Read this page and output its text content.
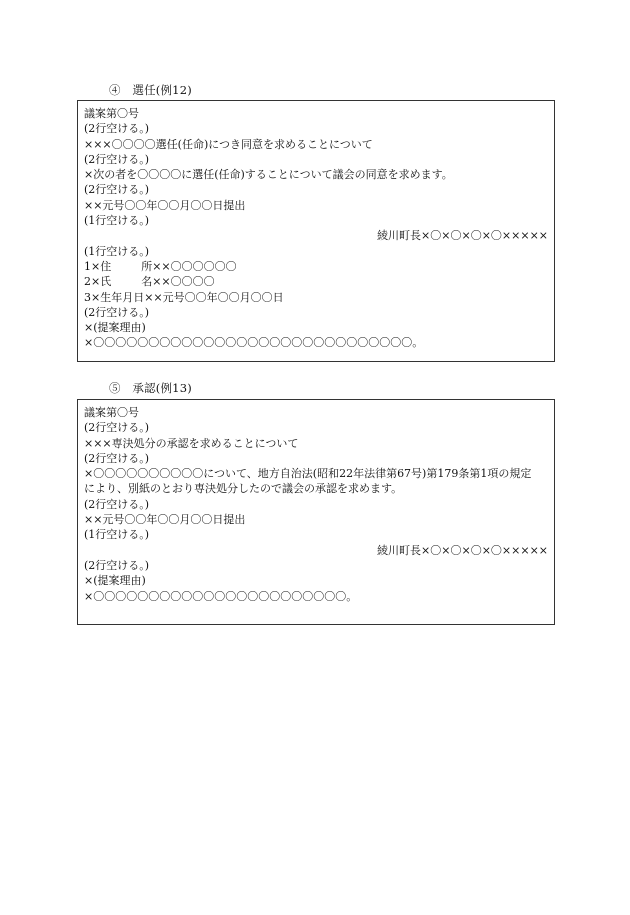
④　選任(例12)
議案第〇号
(2行空ける。)
×××〇〇〇〇選任(任命)につき同意を求めることについて
(2行空ける。)
×次の者を〇〇〇〇に選任(任命)することについて議会の同意を求めます。
(2行空ける。)
××元号〇〇年〇〇月〇〇日提出
(1行空ける。)
綾川町長×〇×〇×〇×〇×××××
(1行空ける。)
1×住	所××〇〇〇〇〇〇
2×氏	名××〇〇〇〇
3×生年月日××元号〇〇年〇〇月〇〇日
(2行空ける。)
×(提案理由)
×〇〇〇〇〇〇〇〇〇〇〇〇〇〇〇〇〇〇〇〇〇〇〇〇〇〇〇〇〇。
⑤　承認(例13)
議案第〇号
(2行空ける。)
×××専決処分の承認を求めることについて
(2行空ける。)
×〇〇〇〇〇〇〇〇〇〇について、地方自治法(昭和22年法律第67号)第179条第1項の規定
により、別紙のとおり専決処分したので議会の承認を求めます。
(2行空ける。)
××元号〇〇年〇〇月〇〇日提出
(1行空ける。)
綾川町長×〇×〇×〇×〇×××××
(2行空ける。)
×(提案理由)
×〇〇〇〇〇〇〇〇〇〇〇〇〇〇〇〇〇〇〇〇〇〇〇。
